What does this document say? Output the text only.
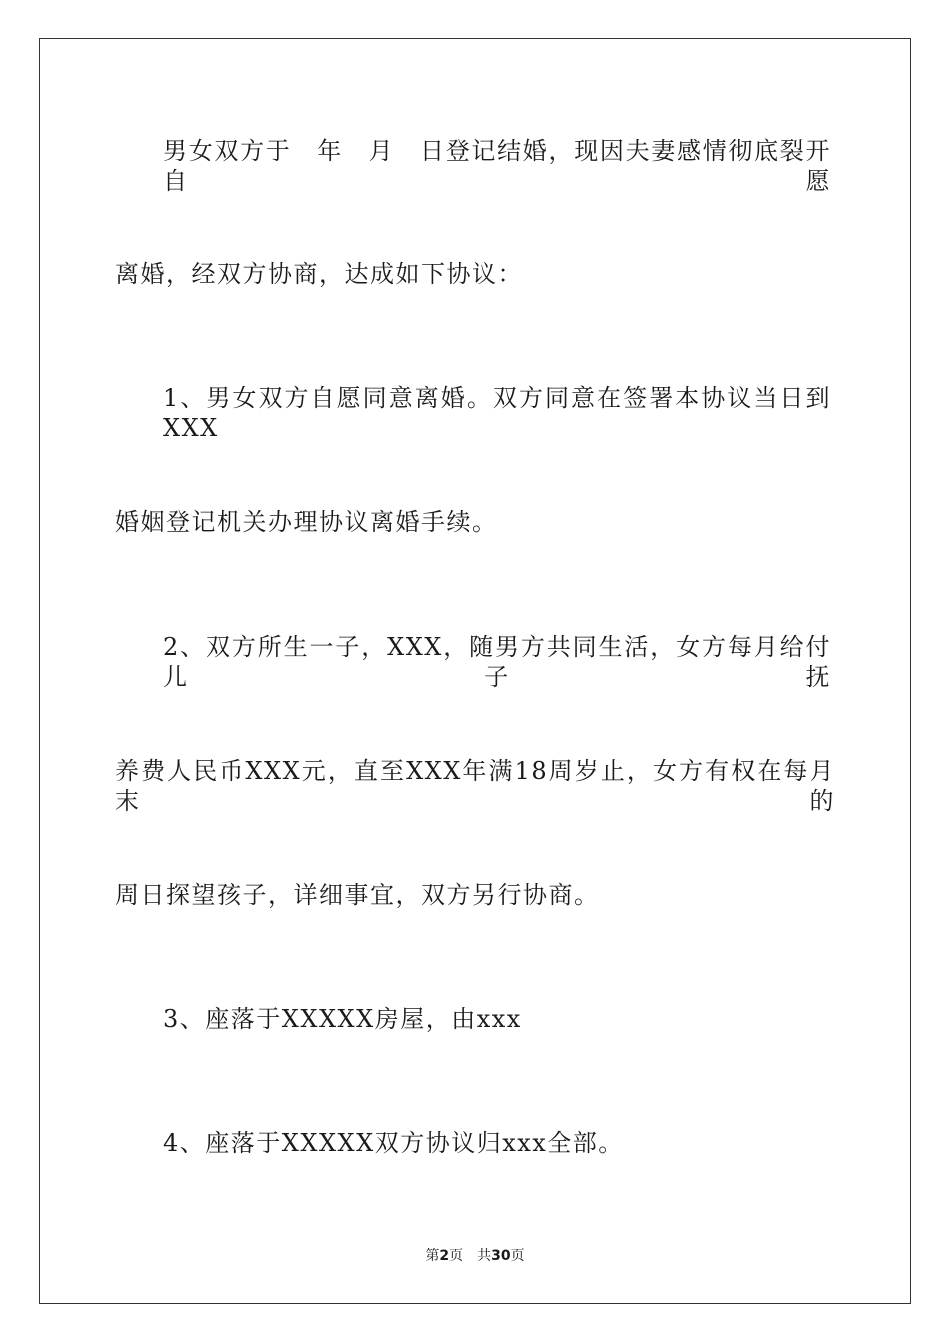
男女双方于　年　月　日登记结婚，现因夫妻感情彻底裂开自愿
离婚，经双方协商，达成如下协议：
1、男女双方自愿同意离婚。双方同意在签署本协议当日到XXX
婚姻登记机关办理协议离婚手续。
2、双方所生一子，XXX，随男方共同生活，女方每月给付儿子抚
养费人民币XXX元，直至XXX年满18周岁止，女方有权在每月末的
周日探望孩子，详细事宜，双方另行协商。
3、座落于XXXXX房屋，由xxx
4、座落于XXXXX双方协议归xxx全部。
第2页 共30页
